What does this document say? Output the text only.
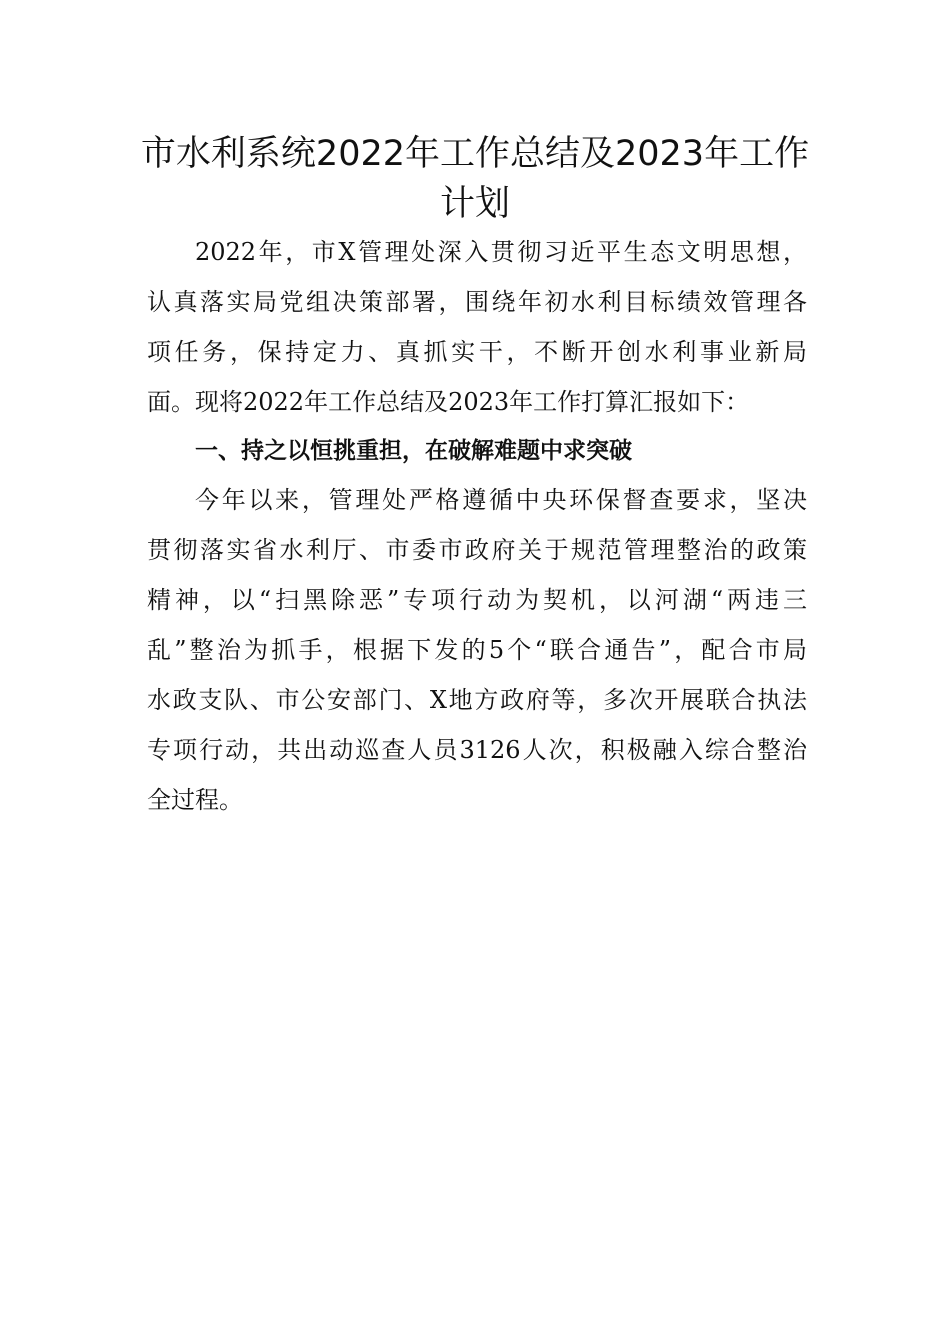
市水利系统2022年工作总结及2023年工作
计划
2022年，市X管理处深入贯彻习近平生态文明思想，
认真落实局党组决策部署，围绕年初水利目标绩效管理各
项任务，保持定力、真抓实干，不断开创水利事业新局
面。现将2022年工作总结及2023年工作打算汇报如下：
一、持之以恒挑重担，在破解难题中求突破
今年以来，管理处严格遵循中央环保督查要求，坚决
贯彻落实省水利厅、市委市政府关于规范管理整治的政策
精神，以“扫黑除恶”专项行动为契机，以河湖“两违三
乱”整治为抓手，根据下发的5个“联合通告”，配合市局
水政支队、市公安部门、X地方政府等，多次开展联合执法
专项行动，共出动巡查人员3126人次，积极融入综合整治
全过程。
